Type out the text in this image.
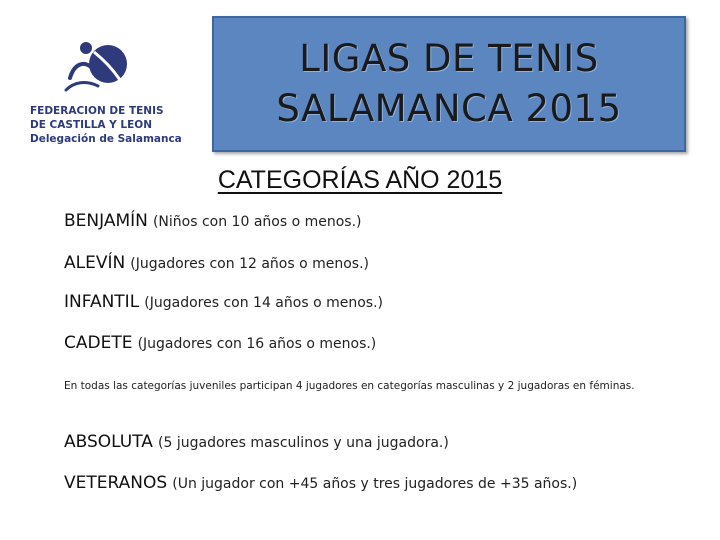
FEDERACION DE TENIS
DE CASTILLA Y LEON
Delegación de Salamanca
LIGAS DE TENIS
SALAMANCA 2015
CATEGORÍAS AÑO 2015
BENJAMÍN (Niños con 10 años o menos.)
ALEVÍN (Jugadores con 12 años o menos.)
INFANTIL (Jugadores con 14 años o menos.)
CADETE (Jugadores con 16 años o menos.)
En todas las categorías juveniles participan 4 jugadores en categorías masculinas y 2 jugadoras en féminas.
ABSOLUTA (5 jugadores masculinos y una jugadora.)
VETERANOS (Un jugador con +45 años y tres jugadores de +35 años.)
